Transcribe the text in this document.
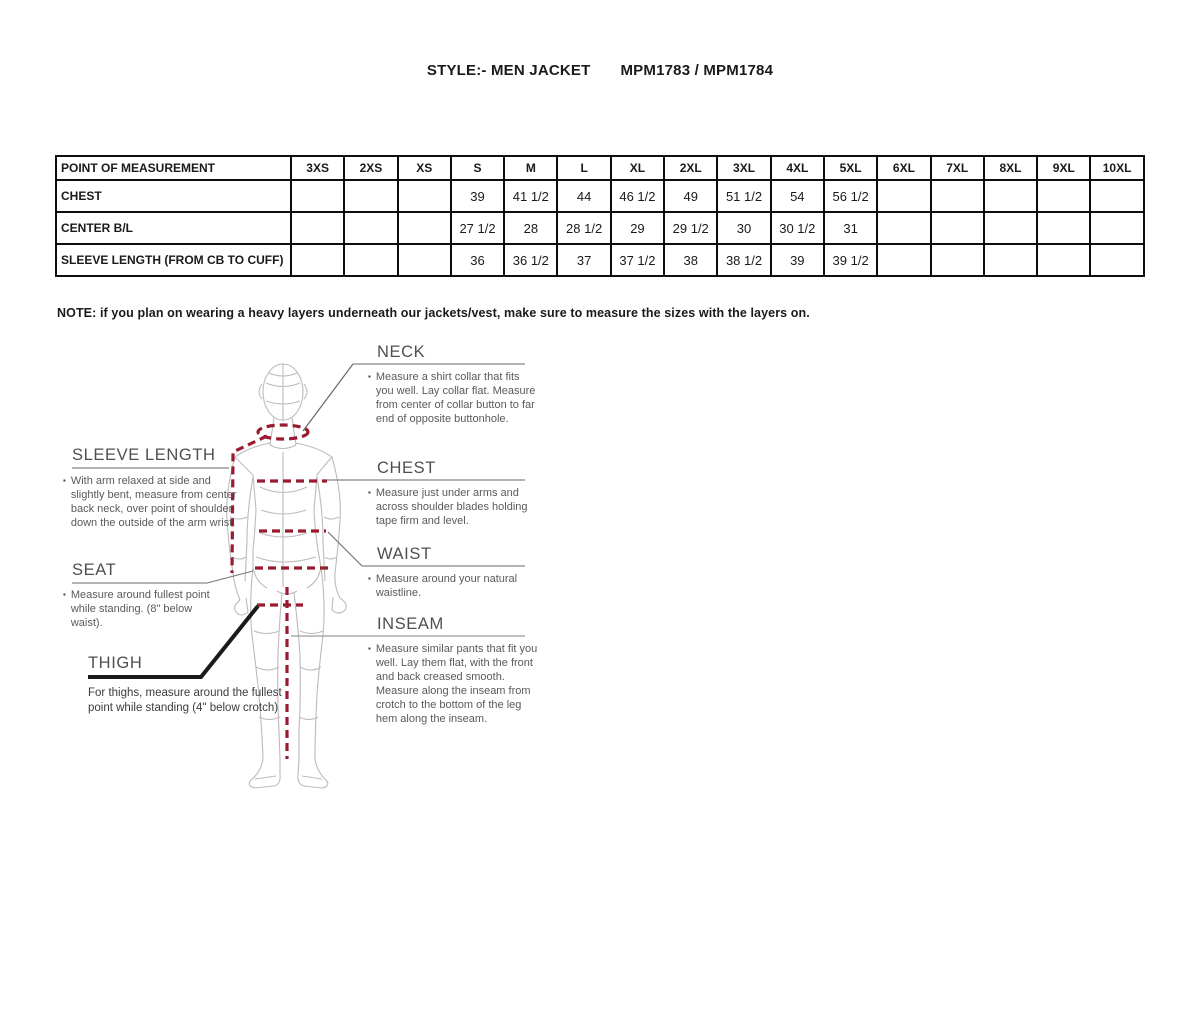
STYLE:- MEN JACKET MPM1783 / MPM1784
POINT OF MEASUREMENT	3XS	2XS	XS	S	M	L	XL	2XL	3XL	4XL	5XL	6XL	7XL	8XL	9XL	10XL
CHEST				39	41 1/2	44	46 1/2	49	51 1/2	54	56 1/2					
CENTER B/L				27 1/2	28	28 1/2	29	29 1/2	30	30 1/2	31					
SLEEVE LENGTH (FROM CB TO CUFF)				36	36 1/2	37	37 1/2	38	38 1/2	39	39 1/2					
NOTE: if you plan on wearing a heavy layers underneath our jackets/vest, make sure to measure the sizes with the layers on.
SLEEVE LENGTH
▪ With arm relaxed at side and slightly bent, measure from center back neck, over point of shoulder, down the outside of the arm wrist.
SEAT
▪ Measure around fullest point while standing. (8" below waist).
THIGH
For thighs, measure around the fullest point while standing (4" below crotch)
NECK
▪ Measure a shirt collar that fits you well. Lay collar flat. Measure from center of collar button to far end of opposite buttonhole.
CHEST
▪ Measure just under arms and across shoulder blades holding tape firm and level.
WAIST
▪ Measure around your natural waistline.
INSEAM
▪ Measure similar pants that fit you well. Lay them flat, with the front and back creased smooth. Measure along the inseam from crotch to the bottom of the leg hem along the inseam.
